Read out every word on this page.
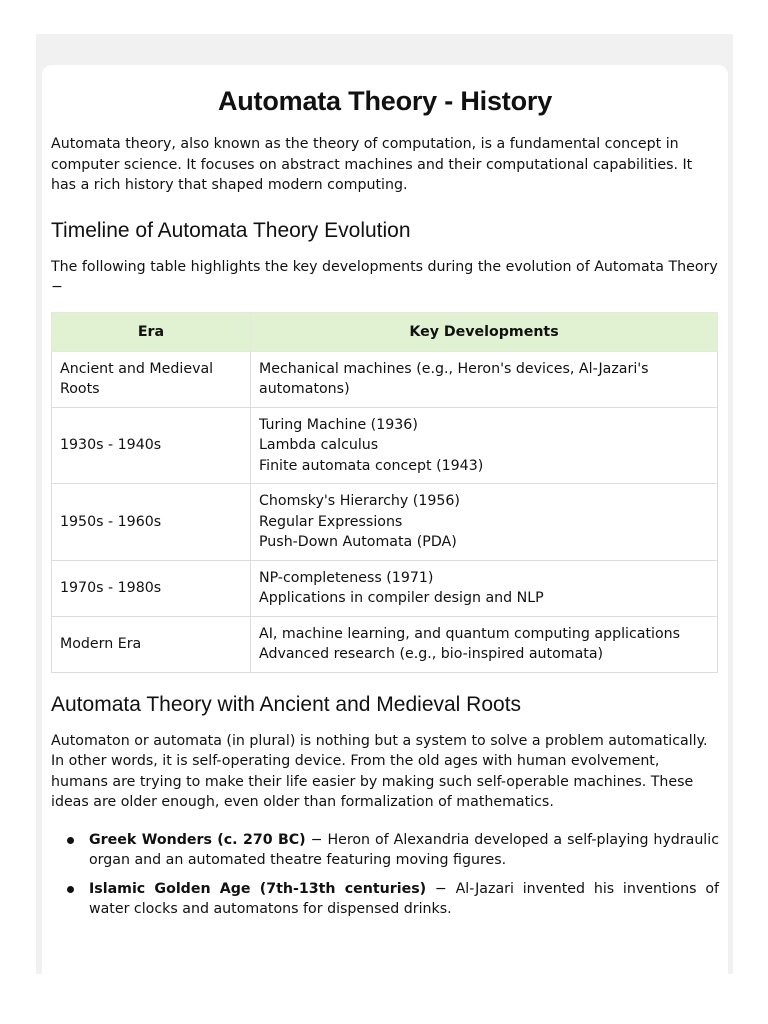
Automata Theory - History

Automata theory, also known as the theory of computation, is a fundamental concept in computer science. It focuses on abstract machines and their computational capabilities. It has a rich history that shaped modern computing.

Timeline of Automata Theory Evolution

The following table highlights the key developments during the evolution of Automata Theory −

Era	Key Developments
Ancient and Medieval Roots	Mechanical machines (e.g., Heron's devices, Al-Jazari's automatons)

1930s - 1940s	Turing Machine (1936)
Lambda calculus
Finite automata concept (1943)

1950s - 1960s	Chomsky's Hierarchy (1956)
Regular Expressions
Push-Down Automata (PDA)

1970s - 1980s	NP-completeness (1971)
Applications in compiler design and NLP

Modern Era	AI, machine learning, and quantum computing applications
Advanced research (e.g., bio-inspired automata)
Automata Theory with Ancient and Medieval Roots

Automaton or automata (in plural) is nothing but a system to solve a problem automatically. In other words, it is self-operating device. From the old ages with human evolvement, humans are trying to make their life easier by making such self-operable machines. These ideas are older enough, even older than formalization of mathematics.

Greek Wonders (c. 270 BC) − Heron of Alexandria developed a self-playing hydraulic organ and an automated theatre featuring moving figures.
Islamic Golden Age (7th-13th centuries) − Al-Jazari invented his inventions of water clocks and automatons for dispensed drinks.
